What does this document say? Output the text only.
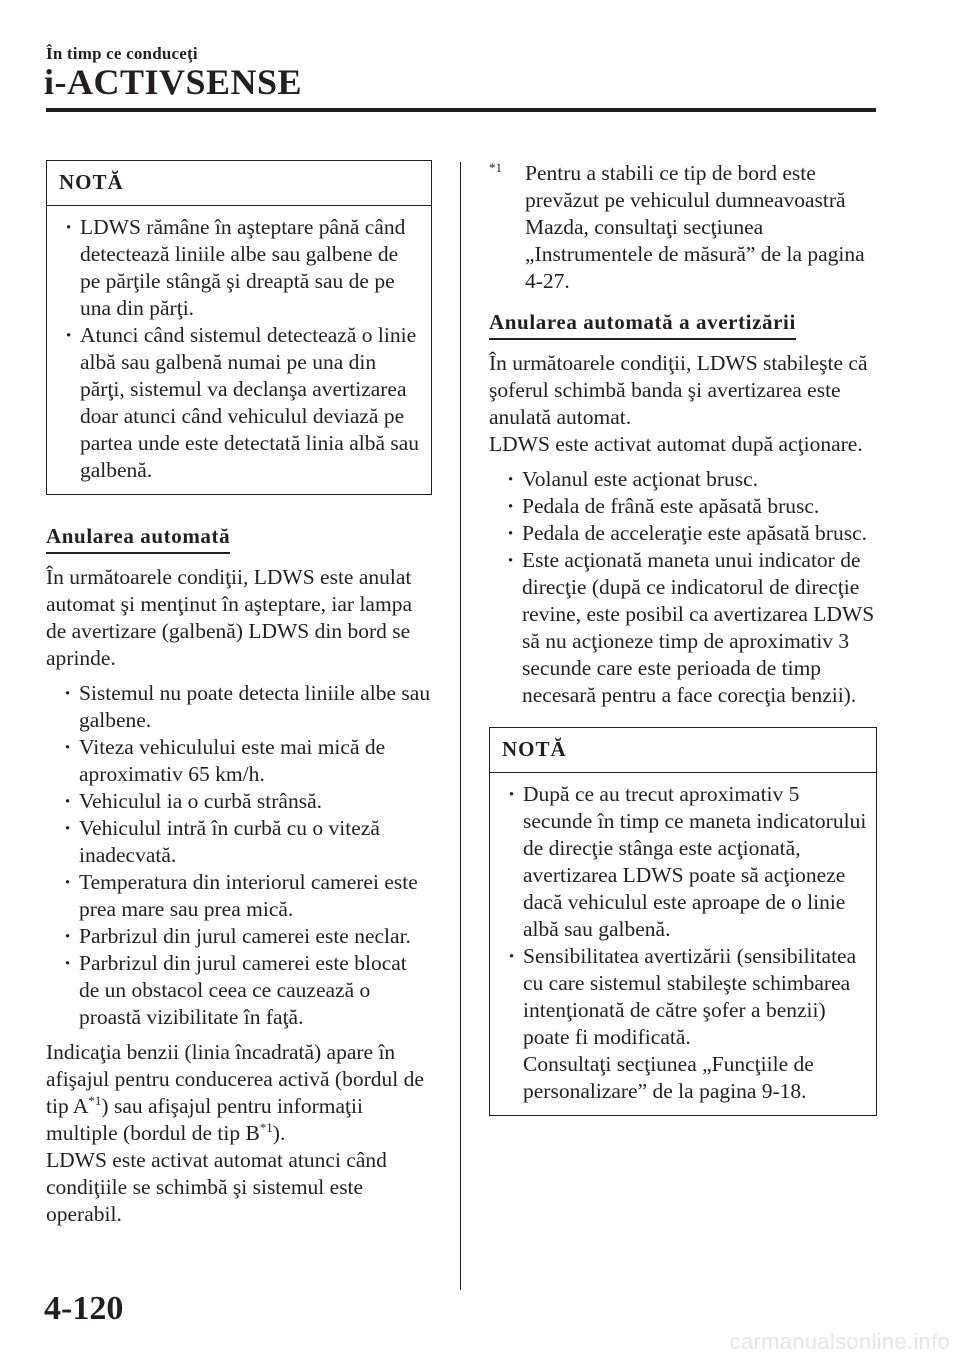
În timp ce conduceţi
i-ACTIVSENSE
NOTĂ
· LDWS rămâne în aşteptare până când detectează liniile albe sau galbene de pe părţile stângă şi dreaptă sau de pe una din părţi.
· Atunci când sistemul detectează o linie albă sau galbenă numai pe una din părţi, sistemul va declanşa avertizarea doar atunci când vehiculul deviază pe partea unde este detectată linia albă sau galbenă.
Anularea automată

În următoarele condiţii, LDWS este anulat automat şi menţinut în aşteptare, iar lampa de avertizare (galbenă) LDWS din bord se aprinde.

· Sistemul nu poate detecta liniile albe sau galbene.
· Viteza vehiculului este mai mică de aproximativ 65 km/h.
· Vehiculul ia o curbă strânsă.
· Vehiculul intră în curbă cu o viteză inadecvată.
· Temperatura din interiorul camerei este prea mare sau prea mică.
· Parbrizul din jurul camerei este neclar.
· Parbrizul din jurul camerei este blocat de un obstacol ceea ce cauzează o proastă vizibilitate în faţă.

Indicaţia benzii (linia încadrată) apare în afişajul pentru conducerea activă (bordul de tip $A^{*1}$) sau afişajul pentru informaţii multiple (bordul de tip $B^{*1}$).

LDWS este activat automat atunci când condiţiile se schimbă şi sistemul este operabil.

$^{*1}$ Pentru a stabili ce tip de bord este prevăzut pe vehiculul dumneavoastră Mazda, consultaţi secţiunea „Instrumentele de măsură” de la pagina 4-27.
Anularea automată a avertizării

În următoarele condiţii, LDWS stabileşte că şoferul schimbă banda şi avertizarea este anulată automat.

LDWS este activat automat după acţionare.

· Volanul este acţionat brusc.
· Pedala de frână este apăsată brusc.
· Pedala de acceleraţie este apăsată brusc.
· Este acţionată maneta unui indicator de direcţie (după ce indicatorul de direcţie revine, este posibil ca avertizarea LDWS să nu acţioneze timp de aproximativ 3 secunde care este perioada de timp necesară pentru a face corecţia benzii).
NOTĂ
· După ce au trecut aproximativ 5 secunde în timp ce maneta indicatorului de direcţie stânga este acţionată, avertizarea LDWS poate să acţioneze dacă vehiculul este aproape de o linie albă sau galbenă.
· Sensibilitatea avertizării (sensibilitatea cu care sistemul stabileşte schimbarea intenţionată de către şofer a benzii) poate fi modificată.
Consultaţi secţiunea „Funcţiile de personalizare” de la pagina 9-18.
4-120
carmanualsonline.info
